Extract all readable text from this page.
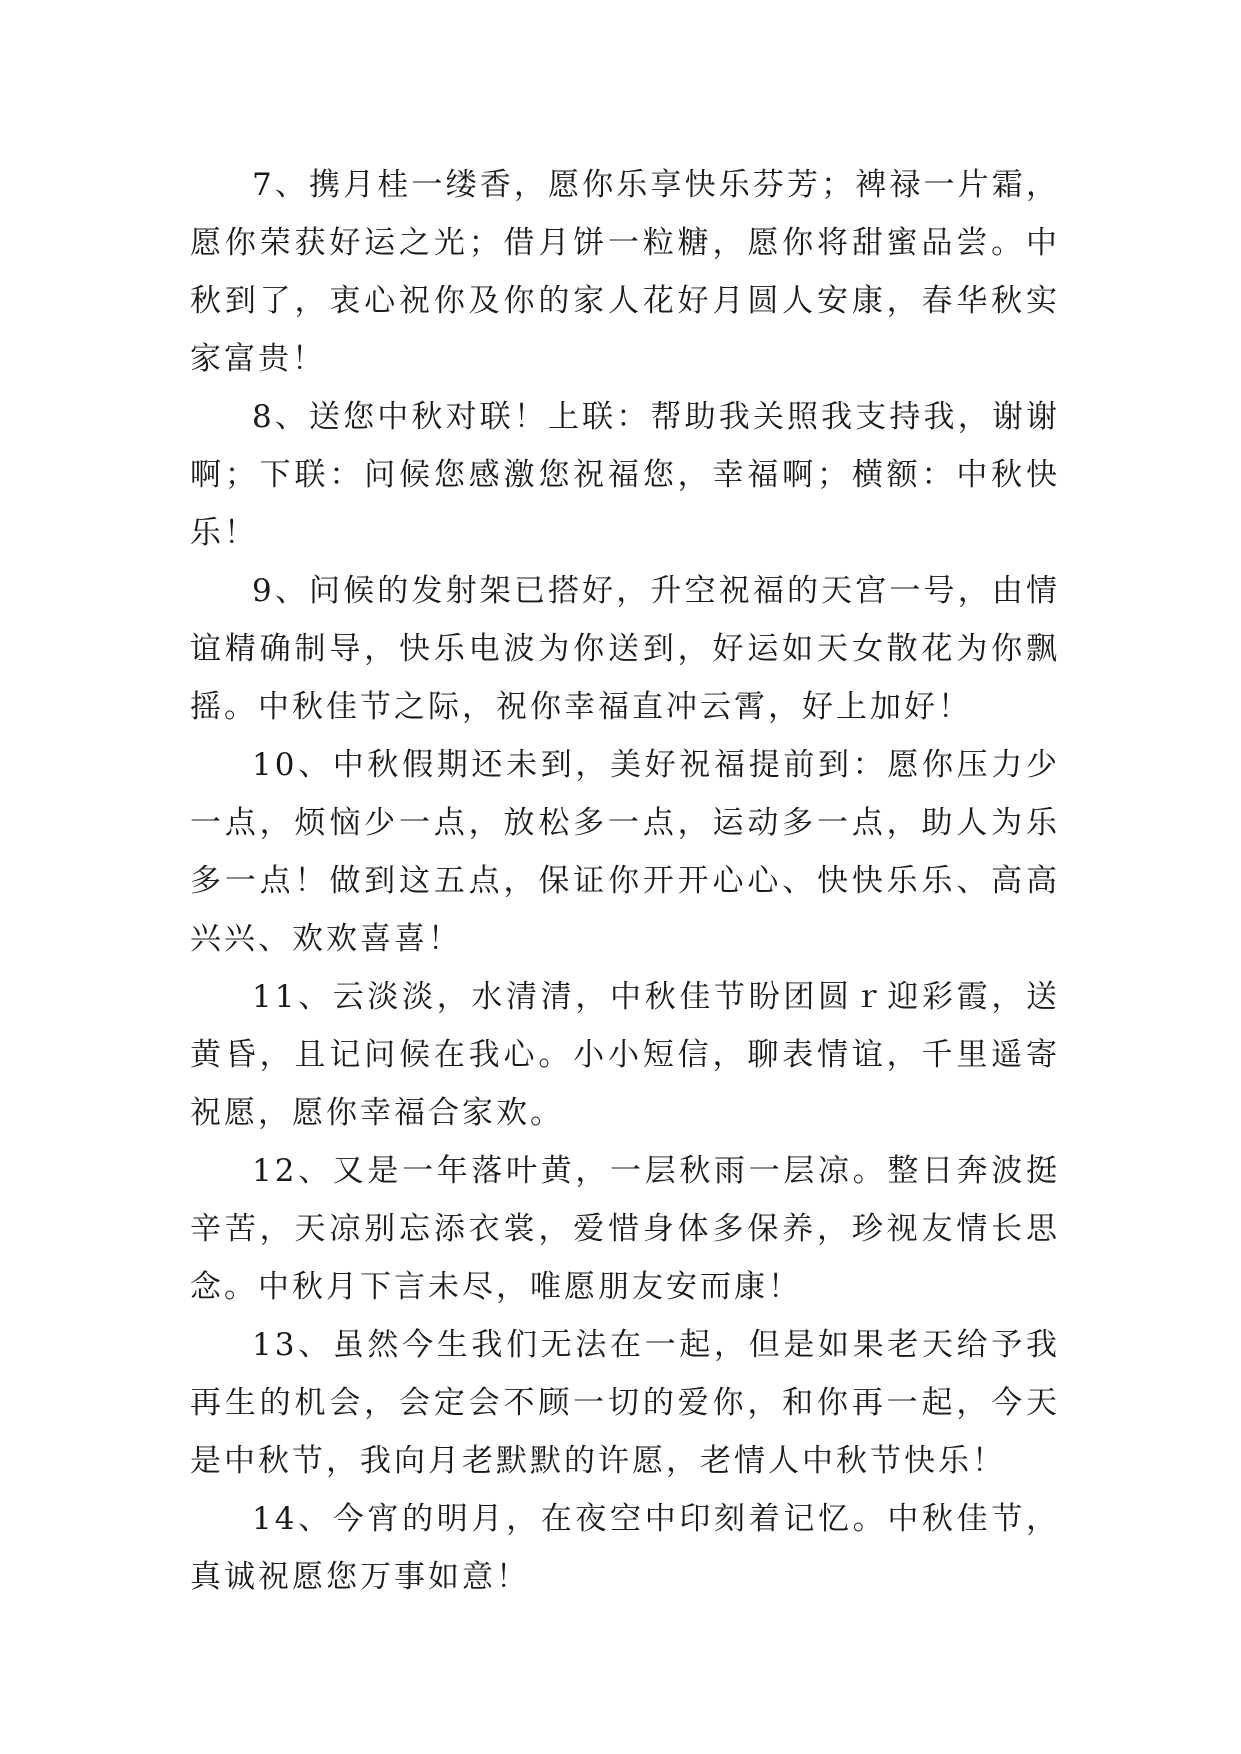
7、携月桂一缕香，愿你乐享快乐芬芳；裨禄一片霜，愿你荣获好运之光；借月饼一粒糖，愿你将甜蜜品尝。中秋到了，衷心祝你及你的家人花好月圆人安康，春华秋实家富贵！

8、送您中秋对联！上联：帮助我关照我支持我，谢谢啊；下联：问候您感激您祝福您，幸福啊；横额：中秋快乐！

9、问候的发射架已搭好，升空祝福的天宫一号，由情谊精确制导，快乐电波为你送到，好运如天女散花为你飘摇。中秋佳节之际，祝你幸福直冲云霄，好上加好！

10、中秋假期还未到，美好祝福提前到：愿你压力少一点，烦恼少一点，放松多一点，运动多一点，助人为乐多一点！做到这五点，保证你开开心心、快快乐乐、高高兴兴、欢欢喜喜！

11、云淡淡，水清清，中秋佳节盼团圆ｒ迎彩霞，送黄昏，且记问候在我心。小小短信，聊表情谊，千里遥寄祝愿，愿你幸福合家欢。

12、又是一年落叶黄，一层秋雨一层凉。整日奔波挺辛苦，天凉别忘添衣裳，爱惜身体多保养，珍视友情长思念。中秋月下言未尽，唯愿朋友安而康！

13、虽然今生我们无法在一起，但是如果老天给予我再生的机会，会定会不顾一切的爱你，和你再一起，今天是中秋节，我向月老默默的许愿，老情人中秋节快乐！

14、今宵的明月，在夜空中印刻着记忆。中秋佳节，真诚祝愿您万事如意！
